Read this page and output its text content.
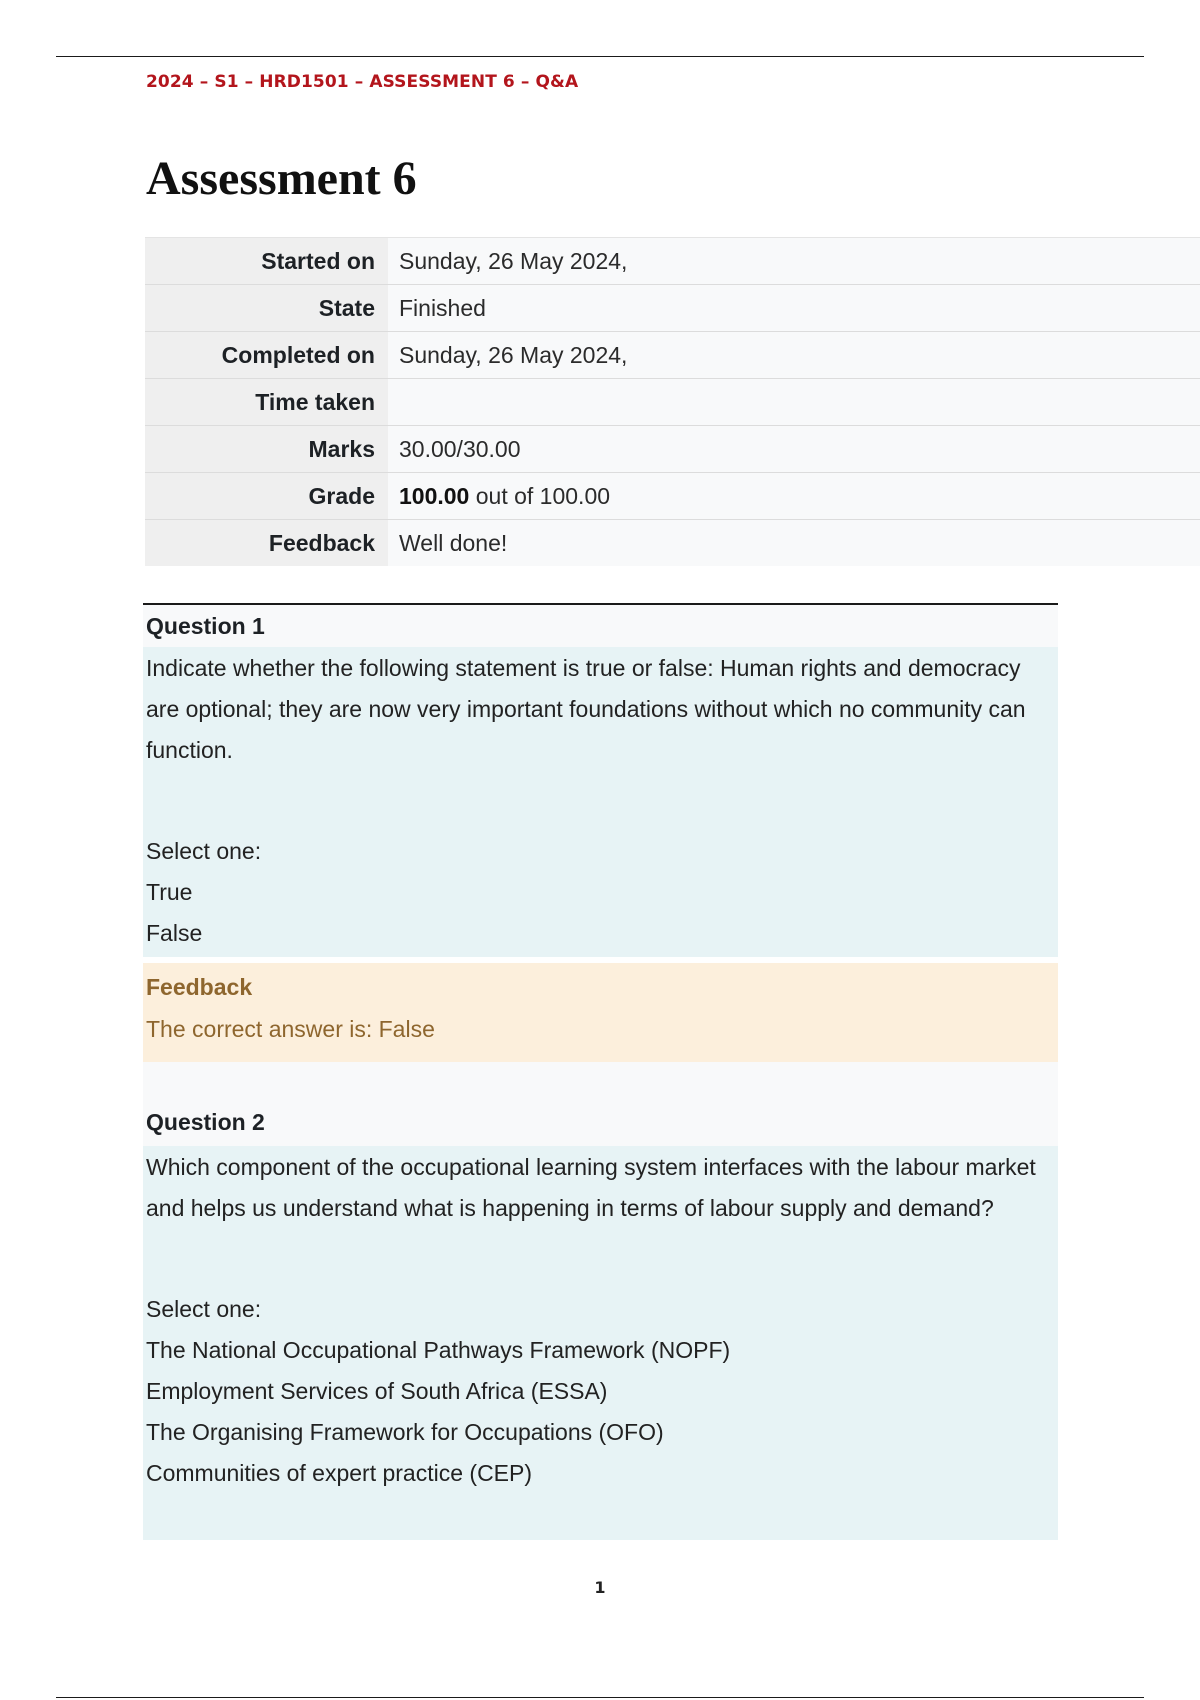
2024 – S1 – HRD1501 – ASSESSMENT 6 – Q&A
Assessment 6
Started on	Sunday, 26 May 2024,
State	Finished
Completed on	Sunday, 26 May 2024,
Time taken	
Marks	30.00/30.00
Grade	100.00 out of 100.00
Feedback	Well done!
Question 1

Indicate whether the following statement is true or false: Human rights and democracy are optional; they are now very important foundations without which no community can function.

Select one:
True
False
Feedback
The correct answer is: False
Question 2

Which component of the occupational learning system interfaces with the labour market and helps us understand what is happening in terms of labour supply and demand?

Select one:
The National Occupational Pathways Framework (NOPF)
Employment Services of South Africa (ESSA)
The Organising Framework for Occupations (OFO)
Communities of expert practice (CEP)
1
